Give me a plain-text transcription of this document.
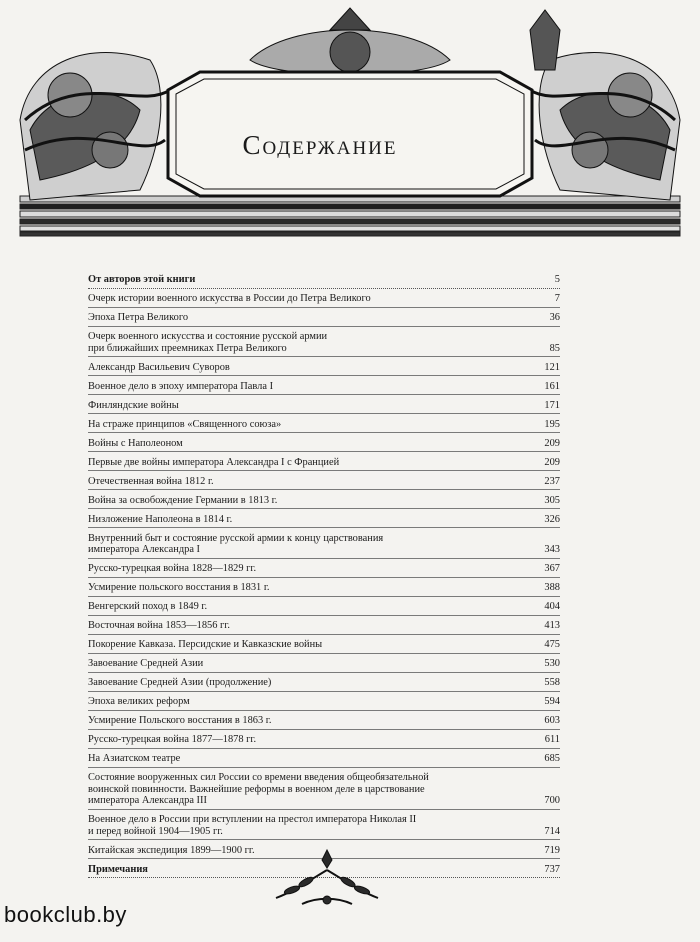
Содержание
От авторов этой книги	5
Очерк истории военного искусства в России до Петра Великого	7
Эпоха Петра Великого	36
Очерк военного искусства и состояние русской армии
при ближайших преемниках Петра Великого	85
Александр Васильевич Суворов	121
Военное дело в эпоху императора Павла I	161
Финляндские войны	171
На страже принципов «Священного союза»	195
Войны с Наполеоном	209
Первые две войны императора Александра I с Францией	209
Отечественная война 1812 г.	237
Война за освобождение Германии в 1813 г.	305
Низложение Наполеона в 1814 г.	326
Внутренний быт и состояние русской армии к концу царствования
императора Александра I	343
Русско-турецкая война 1828—1829 гг.	367
Усмирение польского восстания в 1831 г.	388
Венгерский поход в 1849 г.	404
Восточная война 1853—1856 гг.	413
Покорение Кавказа. Персидские и Кавказские войны	475
Завоевание Средней Азии	530
Завоевание Средней Азии (продолжение)	558
Эпоха великих реформ	594
Усмирение Польского восстания в 1863 г.	603
Русско-турецкая война 1877—1878 гг.	611
На Азиатском театре	685
Состояние вооруженных сил России со времени введения общеобязательной
воинской повинности. Важнейшие реформы в военном деле в царствование
императора Александра III	700
Военное дело в России при вступлении на престол императора Николая II
и перед войной 1904—1905 гг.	714
Китайская экспедиция 1899—1900 гг.	719
Примечания	737
bookclub.by
